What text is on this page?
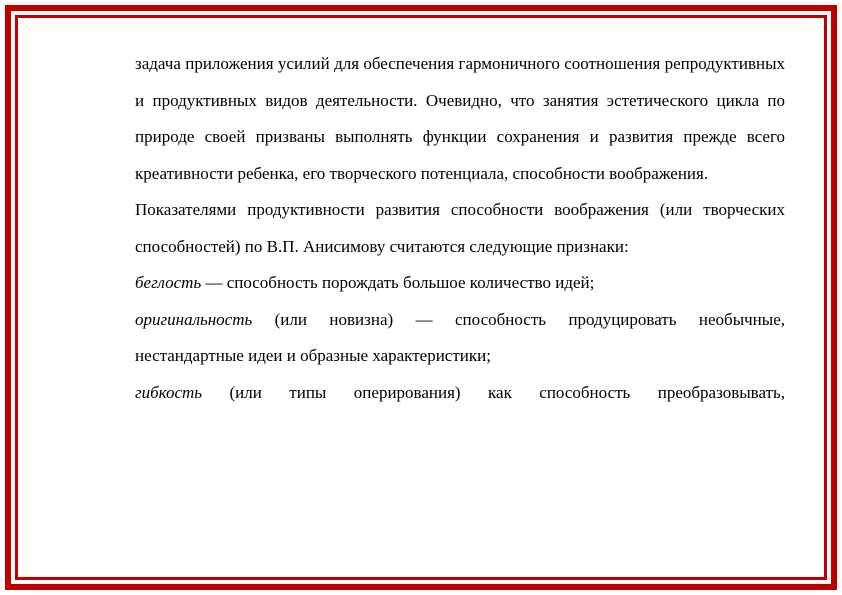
задача приложения усилий для обеспечения гармоничного соотношения репродуктивных и продуктивных видов деятельности. Очевидно, что занятия эстетического цикла по природе своей призваны выполнять функции сохранения и развития прежде всего креативности ребенка, его творческого потенциала, способности воображения.

Показателями продуктивности развития способности воображения (или творческих способностей) по В.П. Анисимову считаются следующие признаки:

беглость — способность порождать большое количество идей;

оригинальность (или новизна) — способность продуцировать необычные, нестандартные идеи и образные характеристики;

гибкость (или типы оперирования) как способность преобразовывать,
